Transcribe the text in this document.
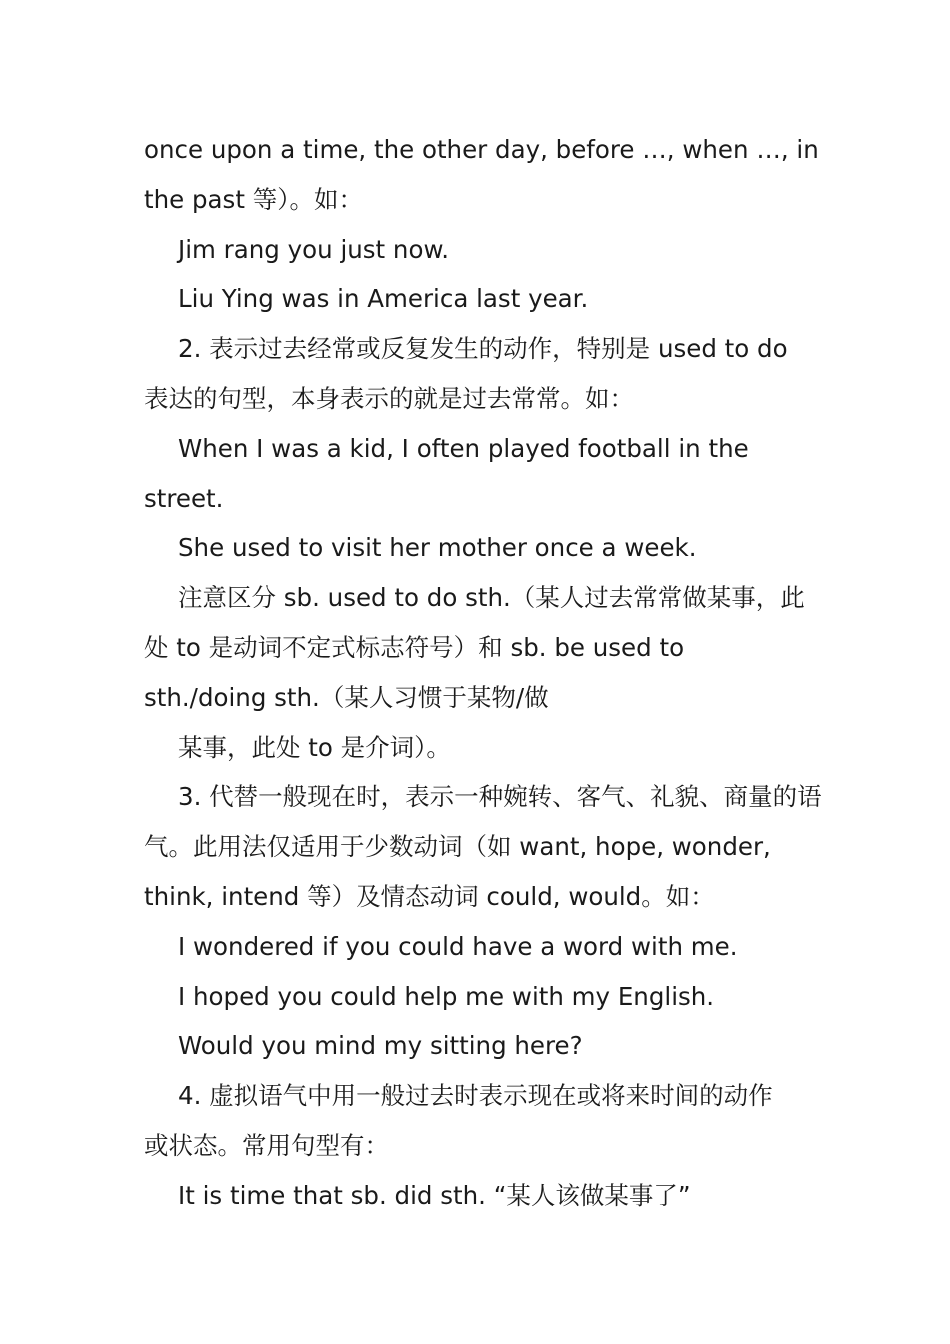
once upon a time, the other day, before …, when …, in
the past 等）。如：
Jim rang you just now.
Liu Ying was in America last year.
2. 表示过去经常或反复发生的动作，特别是 used to do
表达的句型，本身表示的就是过去常常。如：
When I was a kid, I often played football in the
street.
She used to visit her mother once a week.
注意区分 sb. used to do sth.（某人过去常常做某事，此
处 to 是动词不定式标志符号）和 sb. be used to
sth./doing sth.（某人习惯于某物/做
某事，此处 to 是介词）。
3. 代替一般现在时，表示一种婉转、客气、礼貌、商量的语
气。此用法仅适用于少数动词（如 want, hope, wonder,
think, intend 等）及情态动词 could, would。如：
I wondered if you could have a word with me.
I hoped you could help me with my English.
Would you mind my sitting here?
4. 虚拟语气中用一般过去时表示现在或将来时间的动作
或状态。常用句型有：
It is time that sb. did sth. “某人该做某事了”
